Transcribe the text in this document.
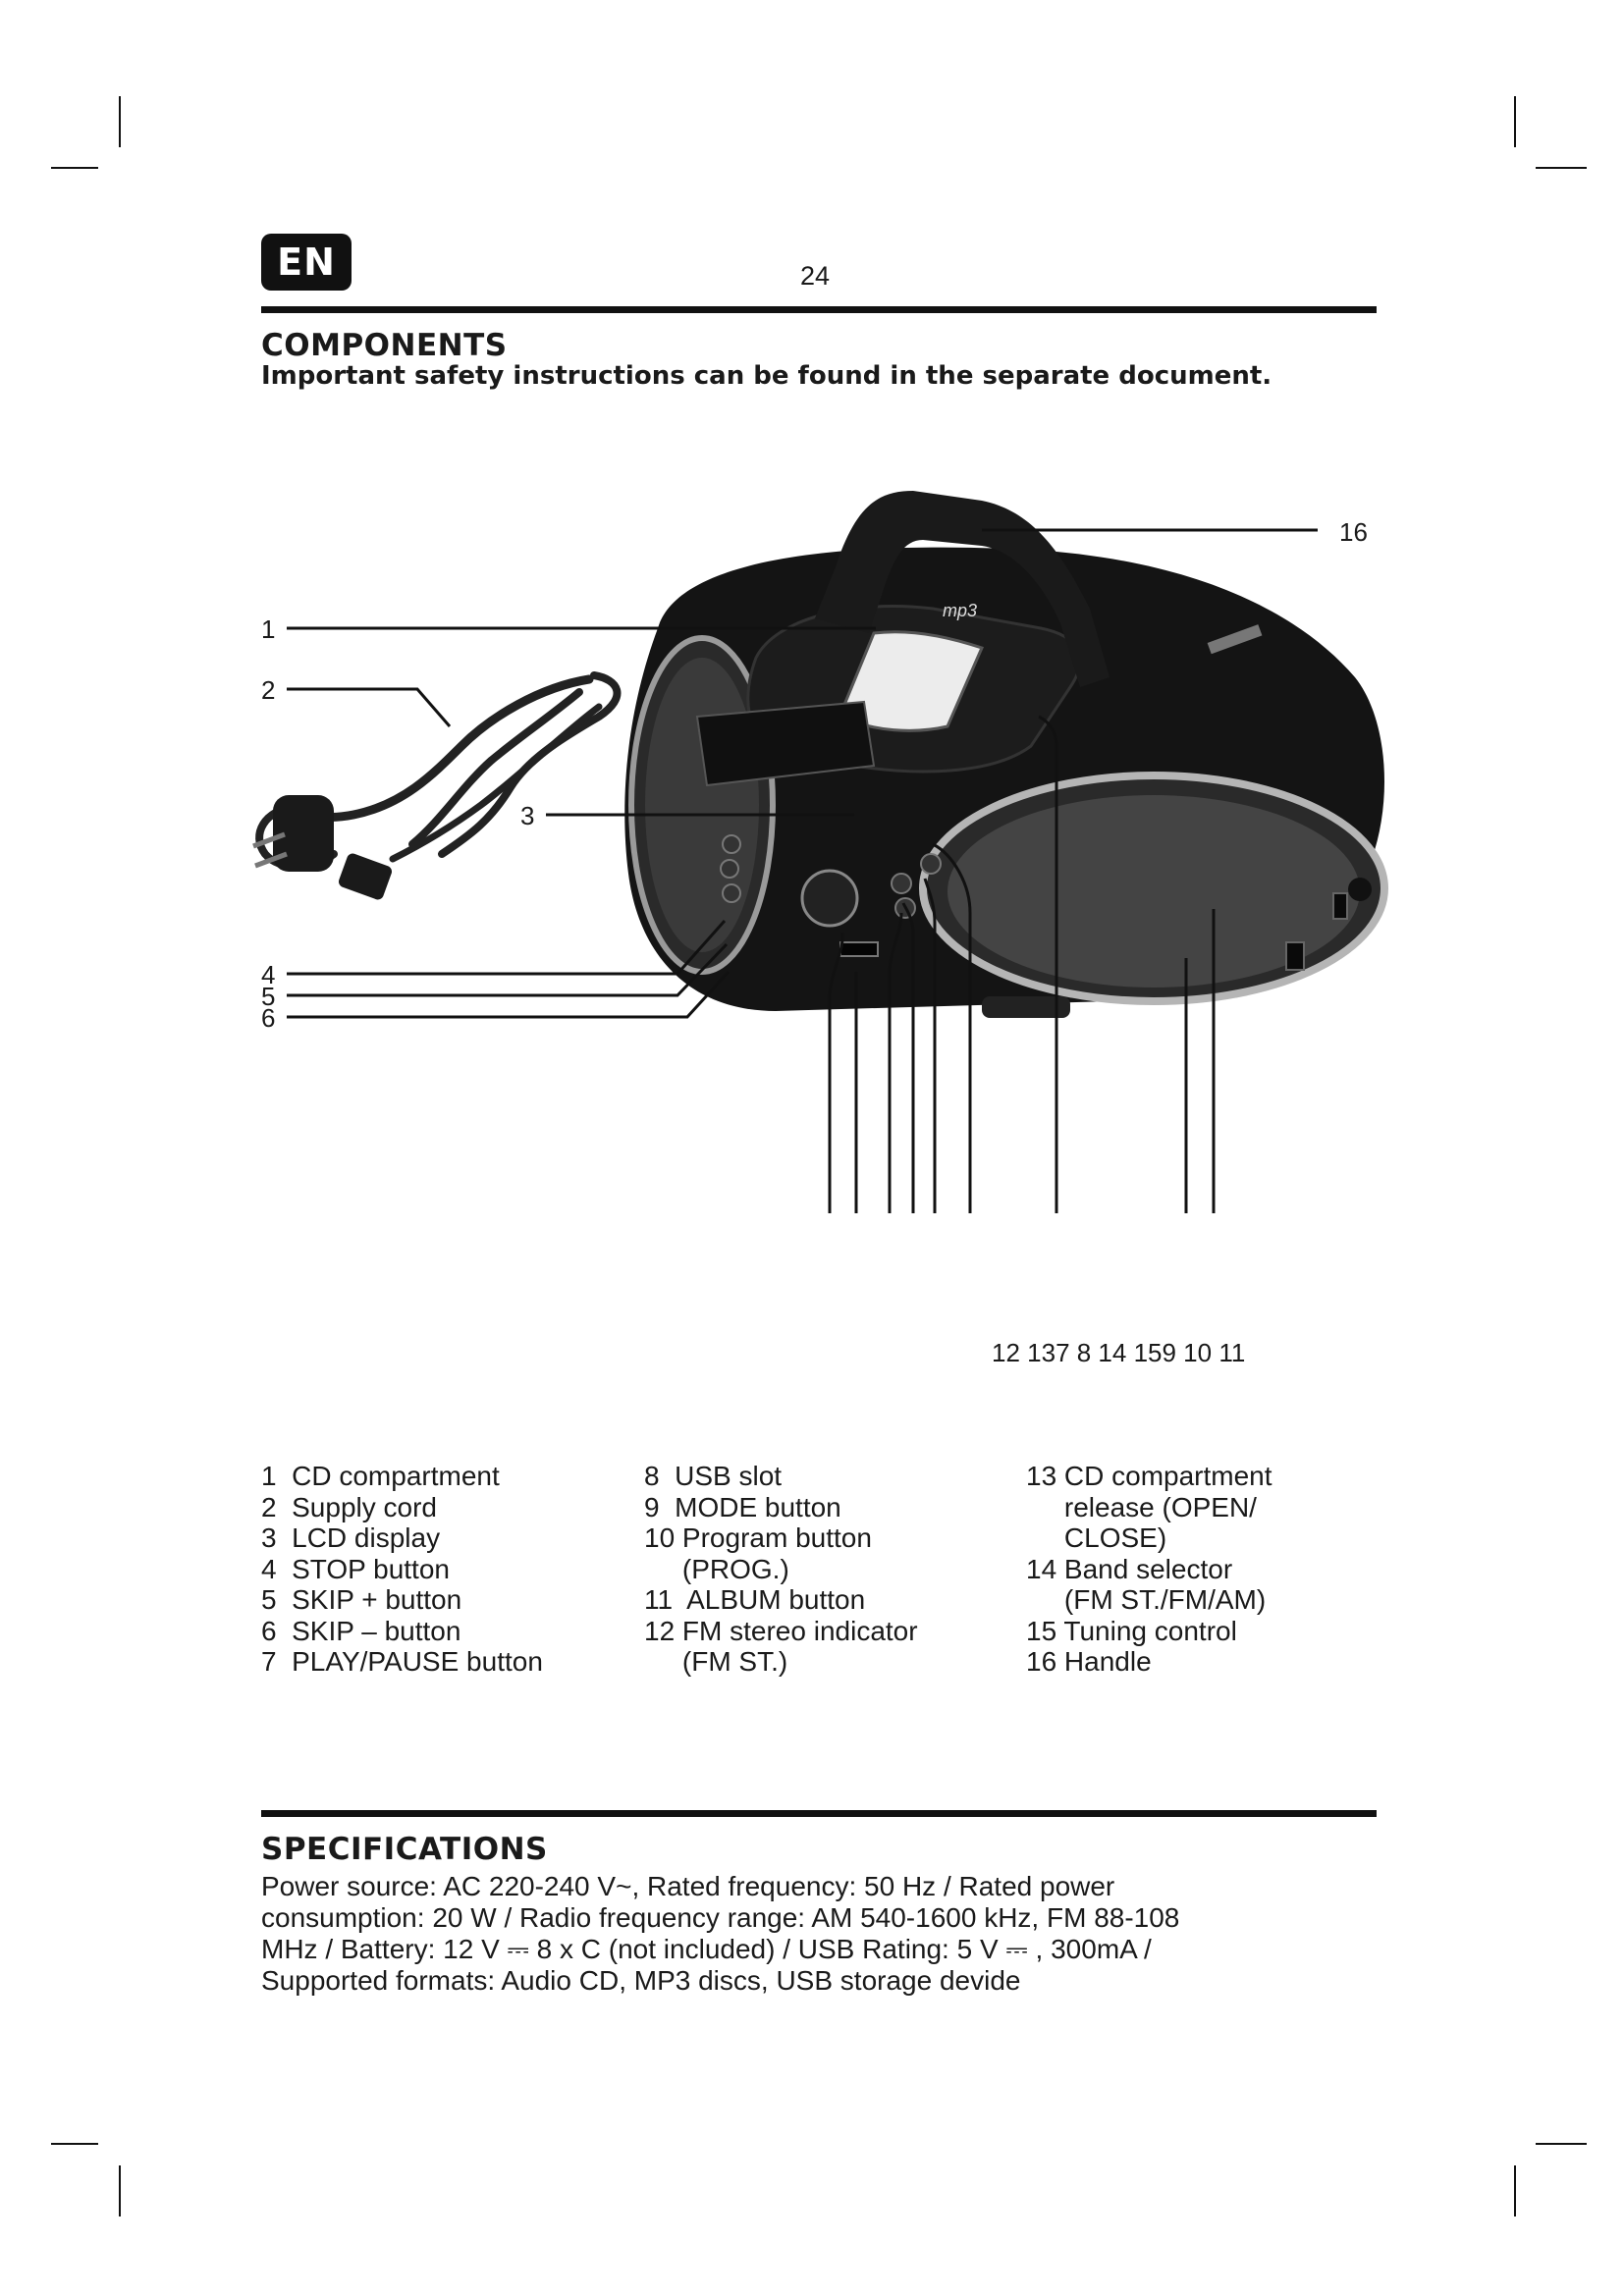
EN	24
COMPONENTS
Important safety instructions can be found in the separate document.
mp3
1
2
3
4
5
6
16
12 137 8 14 159 10 11
1  CD compartment
2  Supply cord
3  LCD display
4  STOP button
5  SKIP + button
6  SKIP – button
7  PLAY/PAUSE button
8  USB slot
9  MODE button
10 Program button
(PROG.)
11  ALBUM button
12 FM stereo indicator
(FM ST.)
13 CD compartment
release (OPEN/
CLOSE)
14 Band selector
(FM ST./FM/AM)
15 Tuning control
16 Handle
SPECIFICATIONS
Power source: AC 220-240 V~, Rated frequency: 50 Hz / Rated power
consumption: 20 W / Radio frequency range: AM 540-1600 kHz, FM 88-108
MHz / Battery: 12 V ⎓ 8 x C (not included) / USB Rating: 5 V ⎓ , 300mA /
Supported formats: Audio CD, MP3 discs, USB storage devide
